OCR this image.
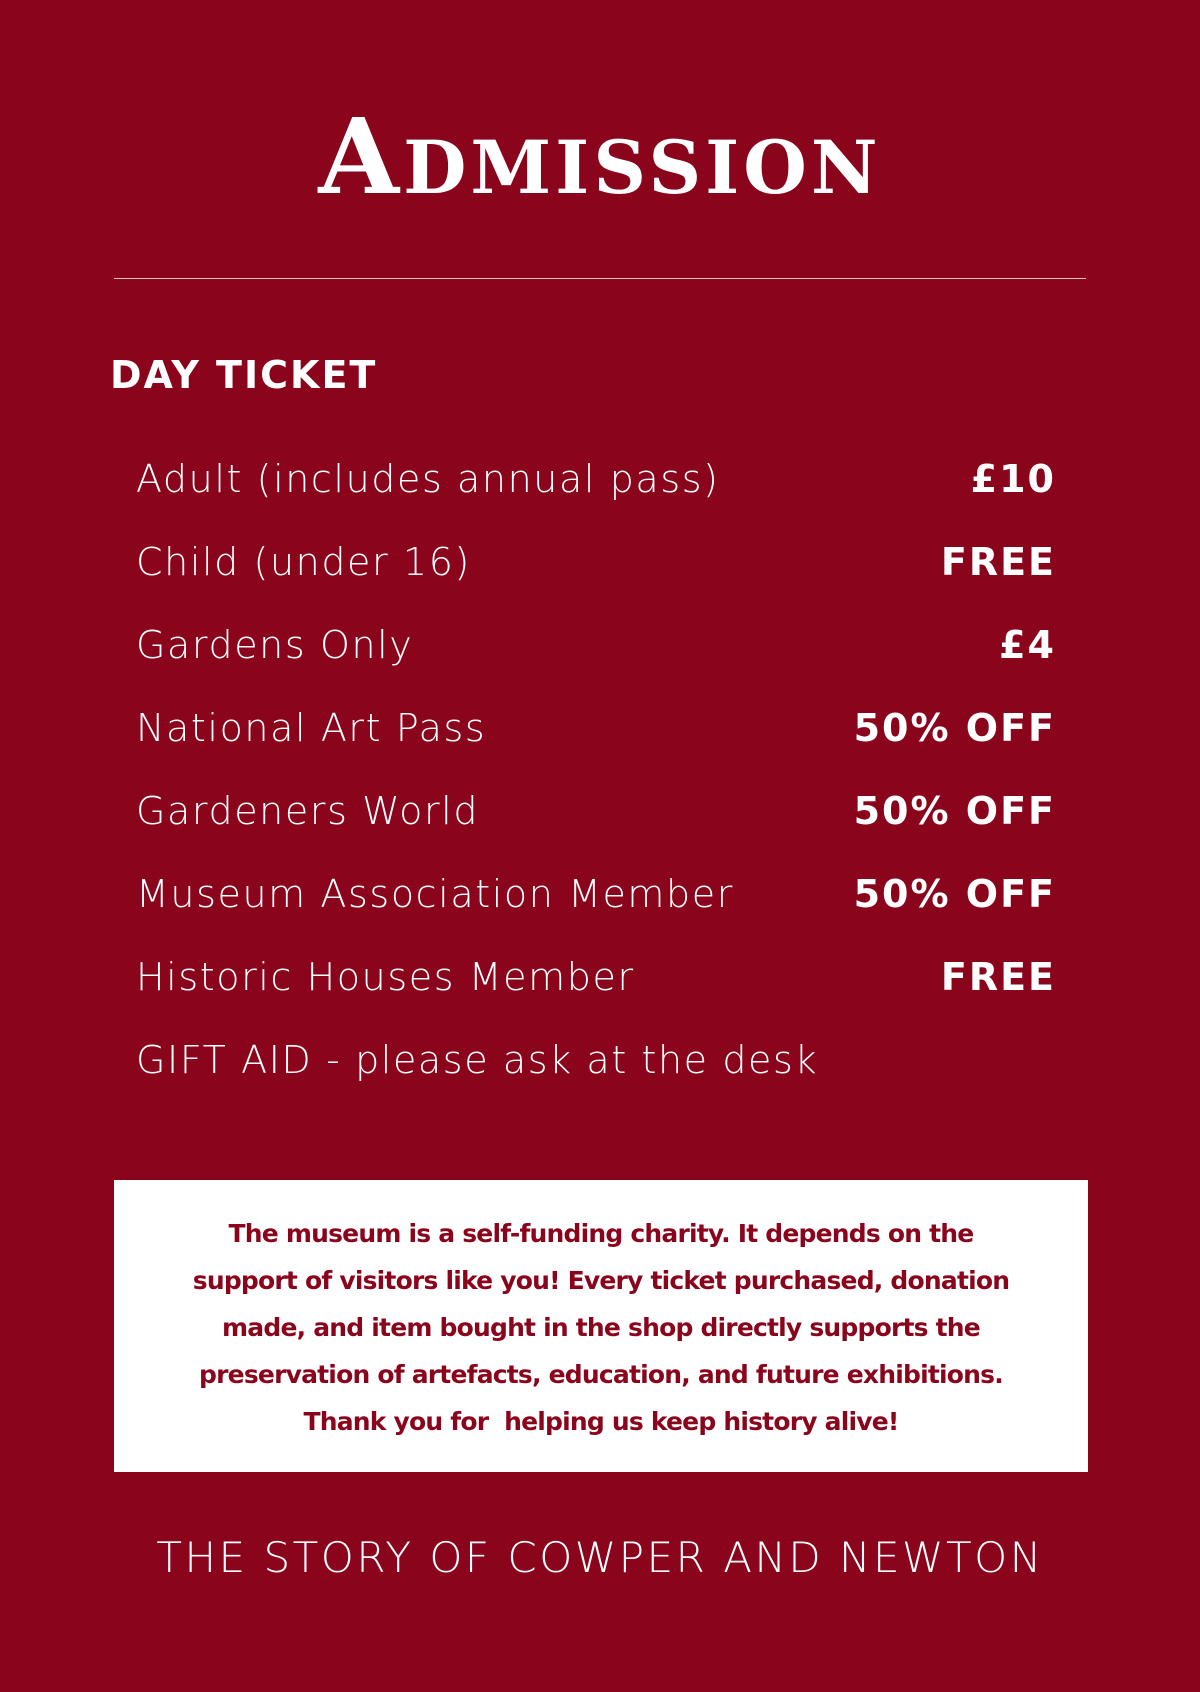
Admission
DAY TICKET
Adult (includes annual pass)	£10
Child (under 16)	FREE
Gardens Only	£4
National Art Pass	50% OFF
Gardeners World	50% OFF
Museum Association Member	50% OFF
Historic Houses Member	FREE
GIFT AID - please ask at the desk

The museum is a self-funding charity. It depends on the
support of visitors like you! Every ticket purchased, donation
made, and item bought in the shop directly supports the
preservation of artefacts, education, and future exhibitions.
Thank you for  helping us keep history alive!

THE STORY OF COWPER AND NEWTON
